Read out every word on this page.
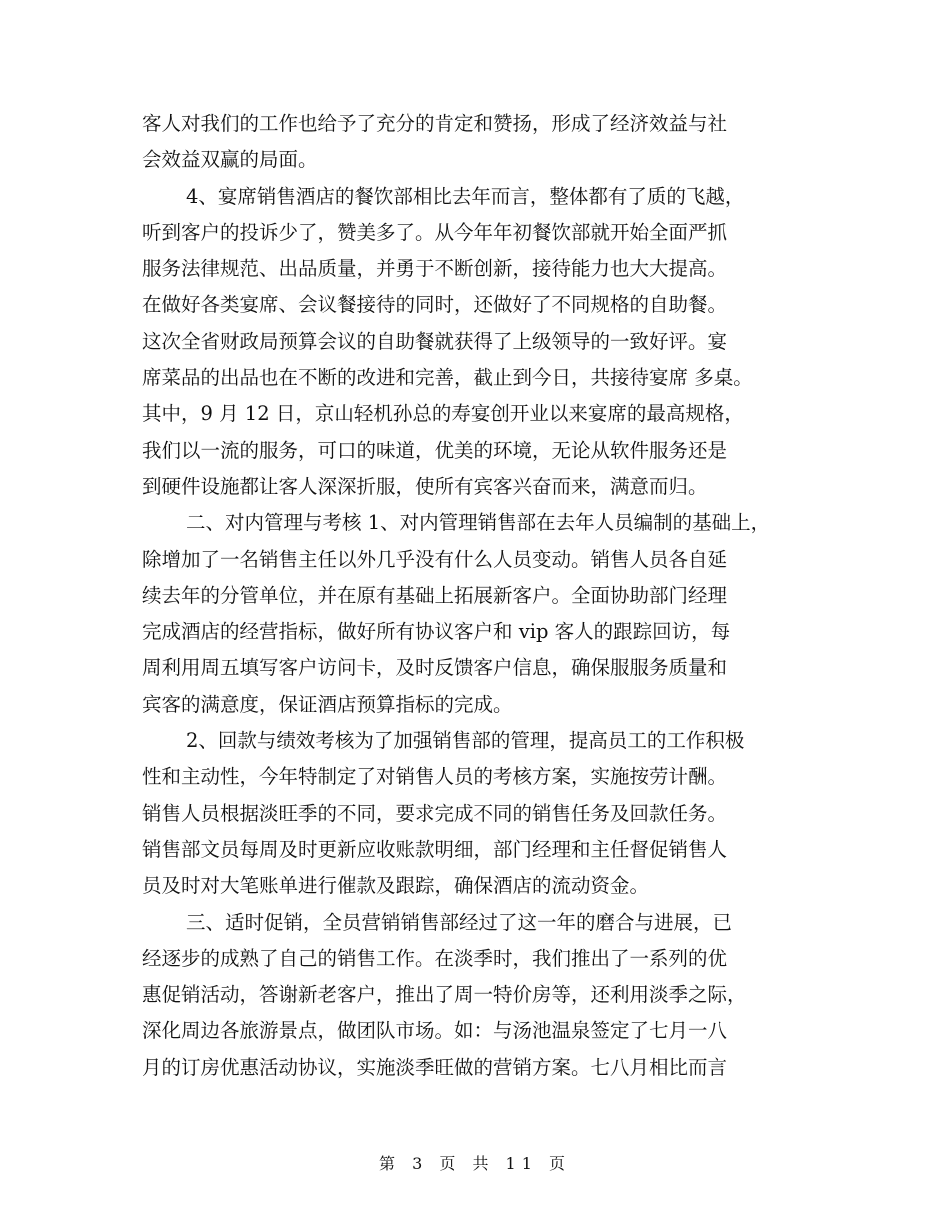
客人对我们的工作也给予了充分的肯定和赞扬，形成了经济效益与社
会效益双赢的局面。
4、宴席销售酒店的餐饮部相比去年而言，整体都有了质的飞越，
听到客户的投诉少了，赞美多了。从今年年初餐饮部就开始全面严抓
服务法律规范、出品质量，并勇于不断创新，接待能力也大大提高。
在做好各类宴席、会议餐接待的同时，还做好了不同规格的自助餐。
这次全省财政局预算会议的自助餐就获得了上级领导的一致好评。宴
席菜品的出品也在不断的改进和完善，截止到今日，共接待宴席 多桌。
其中，9 月 12 日，京山轻机孙总的寿宴创开业以来宴席的最高规格，
我们以一流的服务，可口的味道，优美的环境，无论从软件服务还是
到硬件设施都让客人深深折服，使所有宾客兴奋而来，满意而归。
二、对内管理与考核 1、对内管理销售部在去年人员编制的基础上，
除增加了一名销售主任以外几乎没有什么人员变动。销售人员各自延
续去年的分管单位，并在原有基础上拓展新客户。全面协助部门经理
完成酒店的经营指标，做好所有协议客户和 vip 客人的跟踪回访，每
周利用周五填写客户访问卡，及时反馈客户信息，确保服服务质量和
宾客的满意度，保证酒店预算指标的完成。
2、回款与绩效考核为了加强销售部的管理，提高员工的工作积极
性和主动性，今年特制定了对销售人员的考核方案，实施按劳计酬。
销售人员根据淡旺季的不同，要求完成不同的销售任务及回款任务。
销售部文员每周及时更新应收账款明细，部门经理和主任督促销售人
员及时对大笔账单进行催款及跟踪，确保酒店的流动资金。
三、适时促销，全员营销销售部经过了这一年的磨合与进展，已
经逐步的成熟了自己的销售工作。在淡季时，我们推出了一系列的优
惠促销活动，答谢新老客户，推出了周一特价房等，还利用淡季之际，
深化周边各旅游景点，做团队市场。如：与汤池温泉签定了七月一八
月的订房优惠活动协议，实施淡季旺做的营销方案。七八月相比而言
第 3 页 共 11 页
